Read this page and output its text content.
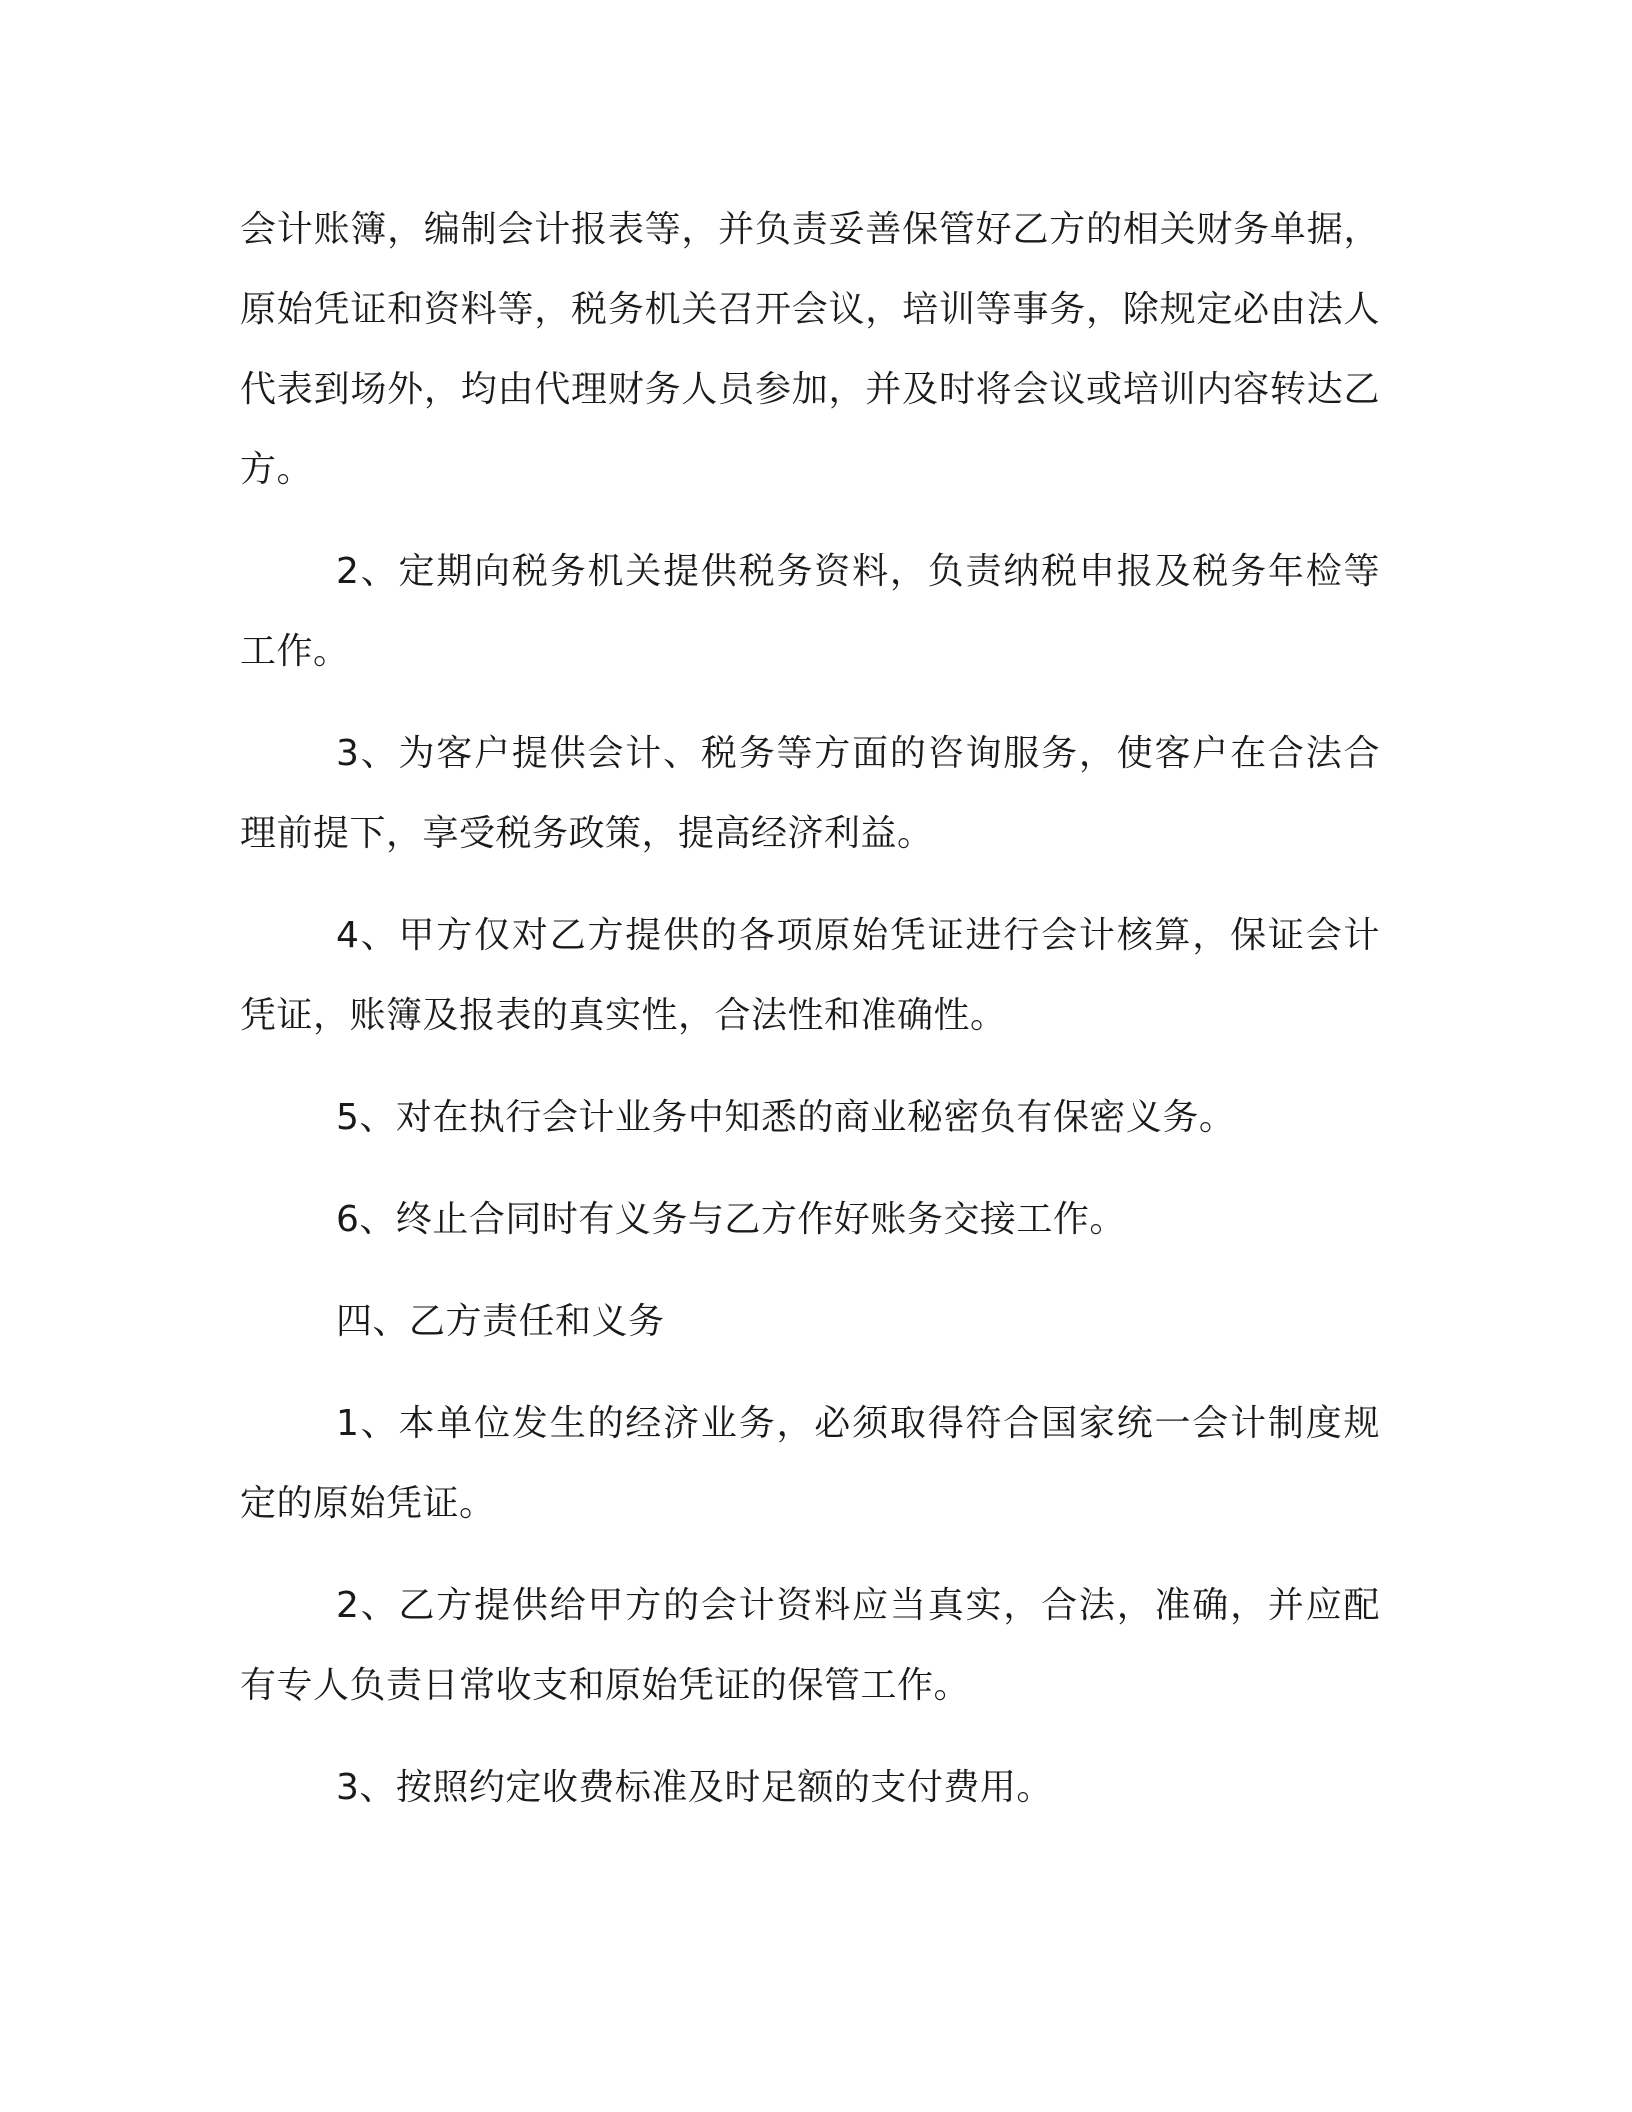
会计账簿，编制会计报表等，并负责妥善保管好乙方的相关财务单据，原始凭证和资料等，税务机关召开会议，培训等事务，除规定必由法人代表到场外，均由代理财务人员参加，并及时将会议或培训内容转达乙方。

2、定期向税务机关提供税务资料，负责纳税申报及税务年检等工作。

3、为客户提供会计、税务等方面的咨询服务，使客户在合法合理前提下，享受税务政策，提高经济利益。

4、甲方仅对乙方提供的各项原始凭证进行会计核算，保证会计凭证，账簿及报表的真实性，合法性和准确性。

5、对在执行会计业务中知悉的商业秘密负有保密义务。

6、终止合同时有义务与乙方作好账务交接工作。

四、乙方责任和义务

1、本单位发生的经济业务，必须取得符合国家统一会计制度规定的原始凭证。

2、乙方提供给甲方的会计资料应当真实，合法，准确，并应配有专人负责日常收支和原始凭证的保管工作。

3、按照约定收费标准及时足额的支付费用。
